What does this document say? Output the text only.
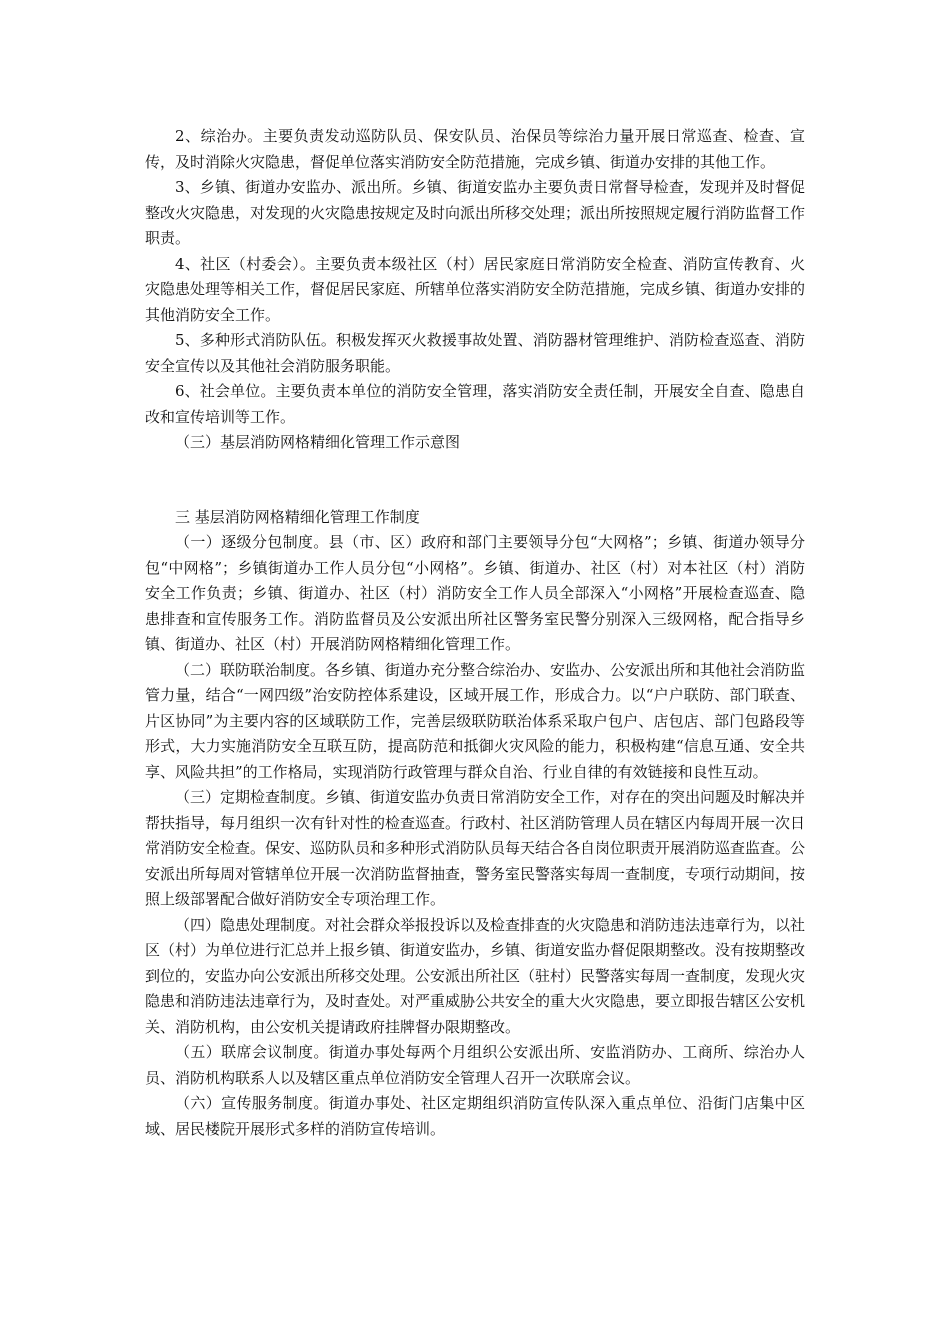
2、综治办。主要负责发动巡防队员、保安队员、治保员等综治力量开展日常巡查、检查、宣传，及时消除火灾隐患，督促单位落实消防安全防范措施，完成乡镇、街道办安排的其他工作。

3、乡镇、街道办安监办、派出所。乡镇、街道安监办主要负责日常督导检查，发现并及时督促整改火灾隐患，对发现的火灾隐患按规定及时向派出所移交处理；派出所按照规定履行消防监督工作职责。

4、社区（村委会）。主要负责本级社区（村）居民家庭日常消防安全检查、消防宣传教育、火灾隐患处理等相关工作，督促居民家庭、所辖单位落实消防安全防范措施，完成乡镇、街道办安排的其他消防安全工作。

5、多种形式消防队伍。积极发挥灭火救援事故处置、消防器材管理维护、消防检查巡查、消防安全宣传以及其他社会消防服务职能。

6、社会单位。主要负责本单位的消防安全管理，落实消防安全责任制，开展安全自查、隐患自改和宣传培训等工作。

（三）基层消防网格精细化管理工作示意图

三 基层消防网格精细化管理工作制度

（一）逐级分包制度。县（市、区）政府和部门主要领导分包“大网格”；乡镇、街道办领导分包“中网格”；乡镇街道办工作人员分包“小网格”。乡镇、街道办、社区（村）对本社区（村）消防安全工作负责；乡镇、街道办、社区（村）消防安全工作人员全部深入“小网格”开展检查巡查、隐患排查和宣传服务工作。消防监督员及公安派出所社区警务室民警分别深入三级网格，配合指导乡镇、街道办、社区（村）开展消防网格精细化管理工作。

（二）联防联治制度。各乡镇、街道办充分整合综治办、安监办、公安派出所和其他社会消防监管力量，结合“一网四级”治安防控体系建设，区域开展工作，形成合力。以“户户联防、部门联查、片区协同”为主要内容的区域联防工作，完善层级联防联治体系采取户包户、店包店、部门包路段等形式，大力实施消防安全互联互防，提高防范和抵御火灾风险的能力，积极构建“信息互通、安全共享、风险共担”的工作格局，实现消防行政管理与群众自治、行业自律的有效链接和良性互动。

（三）定期检查制度。乡镇、街道安监办负责日常消防安全工作，对存在的突出问题及时解决并帮扶指导，每月组织一次有针对性的检查巡查。行政村、社区消防管理人员在辖区内每周开展一次日常消防安全检查。保安、巡防队员和多种形式消防队员每天结合各自岗位职责开展消防巡查监查。公安派出所每周对管辖单位开展一次消防监督抽查，警务室民警落实每周一查制度，专项行动期间，按照上级部署配合做好消防安全专项治理工作。

（四）隐患处理制度。对社会群众举报投诉以及检查排查的火灾隐患和消防违法违章行为，以社区（村）为单位进行汇总并上报乡镇、街道安监办，乡镇、街道安监办督促限期整改。没有按期整改到位的，安监办向公安派出所移交处理。公安派出所社区（驻村）民警落实每周一查制度，发现火灾隐患和消防违法违章行为，及时查处。对严重威胁公共安全的重大火灾隐患，要立即报告辖区公安机关、消防机构，由公安机关提请政府挂牌督办限期整改。

（五）联席会议制度。街道办事处每两个月组织公安派出所、安监消防办、工商所、综治办人员、消防机构联系人以及辖区重点单位消防安全管理人召开一次联席会议。

（六）宣传服务制度。街道办事处、社区定期组织消防宣传队深入重点单位、沿街门店集中区域、居民楼院开展形式多样的消防宣传培训。
